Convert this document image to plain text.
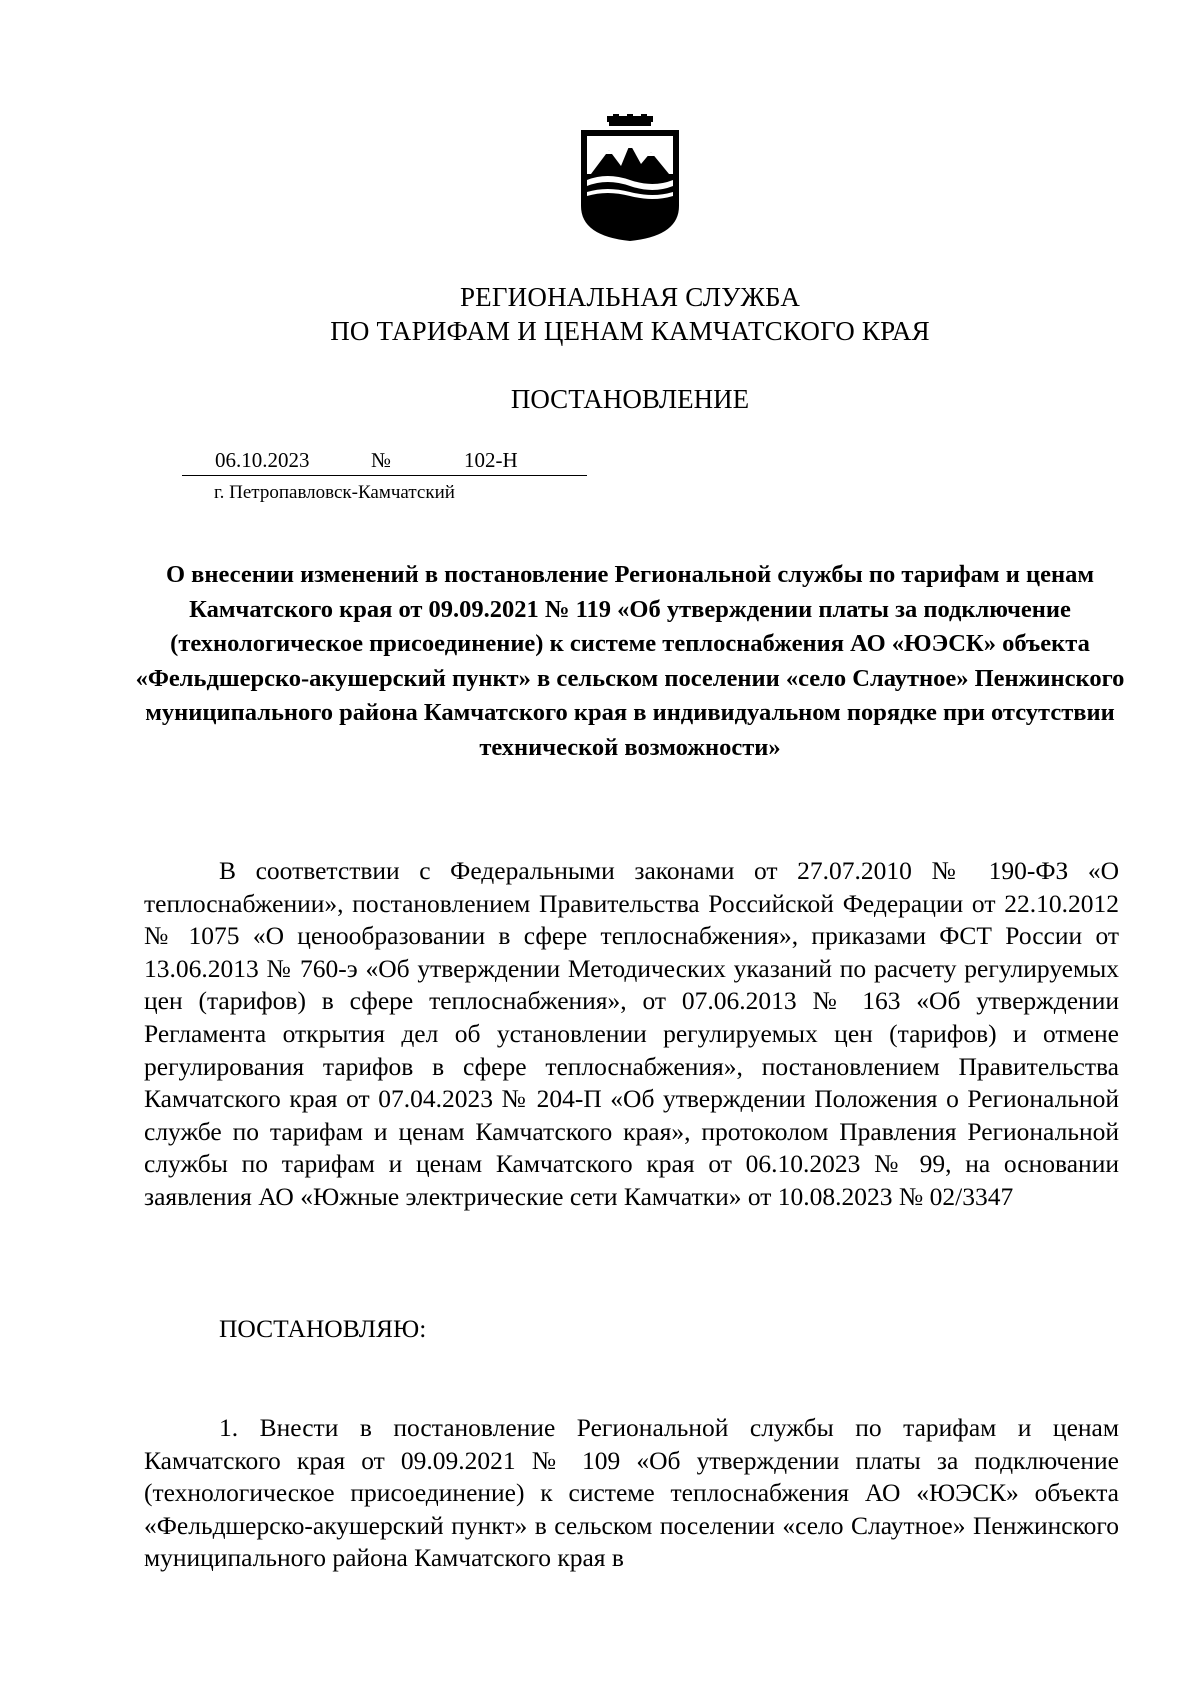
РЕГИОНАЛЬНАЯ СЛУЖБА
ПО ТАРИФАМ И ЦЕНАМ КАМЧАТСКОГО КРАЯ
ПОСТАНОВЛЕНИЕ
06.10.2023	№	102-Н
г. Петропавловск-Камчатский
О внесении изменений в постановление Региональной службы по тарифам и ценам Камчатского края от 09.09.2021 № 119 «Об утверждении платы за подключение (технологическое присоединение) к системе теплоснабжения АО «ЮЭСК» объекта «Фельдшерско-акушерский пункт» в сельском поселении «село Слаутное» Пенжинского муниципального района Камчатского края в индивидуальном порядке при отсутствии технической возможности»
В соответствии с Федеральными законами от 27.07.2010 № 190-ФЗ «О теплоснабжении», постановлением Правительства Российской Федерации от 22.10.2012 № 1075 «О ценообразовании в сфере теплоснабжения», приказами ФСТ России от 13.06.2013 № 760-э «Об утверждении Методических указаний по расчету регулируемых цен (тарифов) в сфере теплоснабжения», от 07.06.2013 № 163 «Об утверждении Регламента открытия дел об установлении регулируемых цен (тарифов) и отмене регулирования тарифов в сфере теплоснабжения», постановлением Правительства Камчатского края от 07.04.2023 № 204-П «Об утверждении Положения о Региональной службе по тарифам и ценам Камчатского края», протоколом Правления Региональной службы по тарифам и ценам Камчатского края от 06.10.2023 № 99, на основании заявления АО «Южные электрические сети Камчатки» от 10.08.2023 № 02/3347
ПОСТАНОВЛЯЮ:
1. Внести в постановление Региональной службы по тарифам и ценам Камчатского края от 09.09.2021 № 109 «Об утверждении платы за подключение (технологическое присоединение) к системе теплоснабжения АО «ЮЭСК» объекта «Фельдшерско-акушерский пункт» в сельском поселении «село Слаутное» Пенжинского муниципального района Камчатского края в
